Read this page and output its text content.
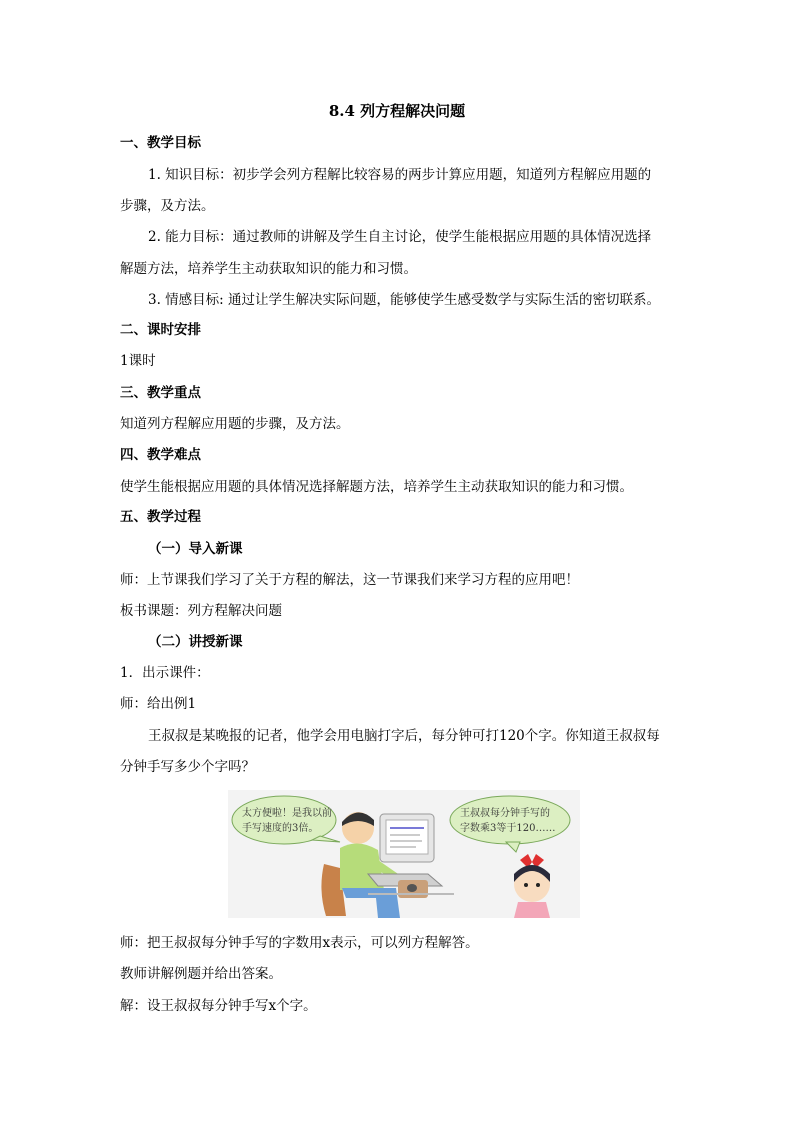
8.4 列方程解决问题
一、教学目标
1. 知识目标：初步学会列方程解比较容易的两步计算应用题，知道列方程解应用题的
步骤，及方法。
2. 能力目标：通过教师的讲解及学生自主讨论，使学生能根据应用题的具体情况选择
解题方法，培养学生主动获取知识的能力和习惯。
3. 情感目标: 通过让学生解决实际问题，能够使学生感受数学与实际生活的密切联系。
二、课时安排
1课时
三、教学重点
知道列方程解应用题的步骤，及方法。
四、教学难点
使学生能根据应用题的具体情况选择解题方法，培养学生主动获取知识的能力和习惯。
五、教学过程
（一）导入新课
师：上节课我们学习了关于方程的解法，这一节课我们来学习方程的应用吧！
板书课题：列方程解决问题
（二）讲授新课
1．出示课件：
师：给出例1
王叔叔是某晚报的记者，他学会用电脑打字后，每分钟可打120个字。你知道王叔叔每
分钟手写多少个字吗？
太方便啦！是我以前
手写速度的3倍。
王叔叔每分钟手写的
字数乘3等于120……
师：把王叔叔每分钟手写的字数用x表示，可以列方程解答。
教师讲解例题并给出答案。
解：设王叔叔每分钟手写x个字。
